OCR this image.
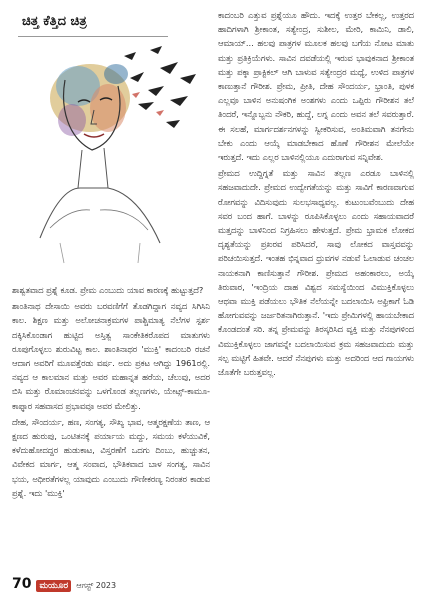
ಚಿತ್ತ ಕೆತ್ತಿದ ಚಿತ್ರ

ಶಾಶ್ವತವಾದ ಪ್ರಶ್ನೆ ಕೂಡ. ಪ್ರೇಮ ಎಂಬುದು ಯಾವ ಕಾರಣಕ್ಕೆ ಹುಟ್ಟುತ್ತದೆ?

ಶಾಂತಿನಾಥ ದೇಸಾಯಿ ಅವರು ಬರವಣಿಗೆಗೆ ತೊಡಗಿದ್ದಾಗ ನವ್ಯದ ಸಿಗಿಸಿನಿ ಕಾಲ. ಶಿಕ್ಷಣ ಮತ್ತು ಅಲೋಚನಾಕ್ರಮಗಳ ಪಾಶ್ಚಿಮಾತ್ಯ ನೆಲೆಗಳ ಸ್ಪರ್ಶ ದಕ್ಕಿಸಿಕೊಂಡಾಗ ಹುಟ್ಟಿದ ಅಸ್ತಿತ್ವ ಸಾಂಕೇತಿಕರೊಪದ ಮಾತುಗಳು ರೂಪುಗೊಳ್ಳಲು ಶುರುವಿಟ್ಟ ಕಾಲ. ಶಾಂತಿನಾಥರ 'ಮುಕ್ತಿ' ಕಾದಂಬರಿ ರಚನೆ ಆದಾಗ ಅವರಿಗೆ ಮೂವತ್ತೆರಡು ವರ್ಷ. ಅದು ಪ್ರಕಟ ಆಗಿದ್ದು 1961ರಲ್ಲಿ. ನವ್ಯದ ಆ ಕಾಲಮಾನ ಮತ್ತು ಅವರ ಮಹಾನ್ನತ ಹರೆಯ, ಚೆಲುವು, ಅದರ ಬಿಸಿ ಮತ್ತು ರೊಮಾಂಚನವನ್ನು ಒಳಗೊಂಡ ತಲ್ಲಣಗಳು, ಯೇಟ್ಸ್-ಕಾಮೂ-ಕಾಫ್ಕಾರ ಸಹವಾಸದ ಪ್ರಭಾವವೂ ಅವರ ಮೇಲಿತ್ತು.

ದೇಹ, ಸೌಂದರ್ಯ, ಹಣ, ಸಂಗತ್ಯ, ಸೌಖ್ಯ ಭಾವ, ಆತ್ಮರಕ್ಷಣೆಯ ತಾಣ, ಆ ಕ್ಷಣದ ಹುರುಪು, ಒಂಟಿತನಕ್ಕೆ ಪರ್ಯಾಯ ಮದ್ದು, ಸಮಯ ಕಳೆಯುವಿಕೆ, ಕಳೆದುಹೋದದ್ದರ ಹುಡುಕಾಟ, ವಿಸ್ತರಣೆಗೆ ಒದಗು ದಿಂಬು, ಹುಚ್ಚುತನ, ವಿವೇಕದ ಮಾರ್ಗ, ಆತ್ಮ ಸಂವಾದ, ಭೌತಿಕವಾದ ಬಾಳ ಸಂಗತ್ಯ, ಸಾವಿನ ಭಯ, ಅಧೀರತೆಗಳಲ್ಲ ಯಾವುದು ಎಂಬುದು ಗೌಣೀಕರಣ್ಯ ನಿರಂತರ ಕಾಡುವ ಪ್ರಶ್ನೆ. ಇದು 'ಮುಕ್ತಿ'

ಕಾದಂಬರಿ ಎತ್ತುವ ಪ್ರಶ್ನೆಯೂ ಹೌದು. ಇದಕ್ಕೆ ಉತ್ತರ ಬೇಕಲ್ಲ, ಉತ್ತರದ ಹಾದಿಗಳಾಗಿ ಶ್ರೀಕಾಂತ, ಸತ್ಯೇಂದ್ರ, ಸುಶೀಲ, ಮೇರಿ, ಕಾಮಿನಿ, ಡಾಲಿ, ಆಮಾಯ್... ಹಲವು ಪಾತ್ರಗಳ ಮೂಲಕ ಹಲವು ಬಗೆಯ ನೋಟ ಮಾತು ಮತ್ತು ಪ್ರತಿಕ್ರಿಯೆಗಳು. ಸಾವಿನ ದವಡೆಯಲ್ಲಿ ಇರುವ ಭಾವುಕನಾದ ಶ್ರೀಕಾಂತ ಮತ್ತು ಪಕ್ಕಾ ಪ್ರಾಕ್ಟಿಕಲ್ ಆಗಿ ಬಾಳುವ ಸತ್ಯೇಂದ್ರರ ಮಧ್ಯೆ, ಉಳಿದ ಪಾತ್ರಗಳ ಕಾಣುತ್ತಾನೆ ಗೌರೀಶ. ಪ್ರೇಮ, ಪ್ರೀತಿ, ದೇಹ ಸೌಂದರ್ಯ, ಭ್ರಾಂತಿ, ಪುಳಕ ಎಲ್ಲವೂ ಬಾಳಿನ ಅನುಷಂಗಿಕ ಅಂಶಗಳು ಎಂದು ಒಪ್ಪಿರು ಗೌರೀಶನ ತಲೆ ತಿಂದರೆ, ಇನ್ನೊಬ್ಬನು ನೌಕರಿ, ಹುದ್ದೆ, ಲಗ್ನ ಎಂದು ಅವನ ತಲೆ ಸವರುತ್ತಾರೆ. ಈ ಸಲಹೆ, ಮಾರ್ಗದರ್ಶನಗಳನ್ನು ಸ್ವೀಕರಿಸುವ, ಅಂತಿಮವಾಗಿ ತನಗೇನು ಬೇಕು ಎಂದು ಆಯ್ಕೆ ಮಾಡಬೇಕಾದ ಹೊಣೆ ಗೌರೀಶನ ಮೇಲೆಯೇ ಇರುತ್ತದೆ. ಇದು ಎಲ್ಲರ ಬಾಳಿನಲ್ಲಿಯೂ ಎದುರಾಗುವ ಸನ್ನಿವೇಶ.

ಪ್ರೇಮದ ಉದ್ದಿಗ್ನತೆ ಮತ್ತು ಸಾವಿನ ತಲ್ಲಣ ಎರಡೂ ಬಾಳಿನಲ್ಲಿ ಸಹಜವಾದುದೇ. ಪ್ರೇಮದ ಉದ್ವೇಗತೆಯನ್ನು ಮತ್ತು ಸಾವಿಗೆ ಕಾರಣವಾಗುವ ರೋಗವನ್ನು ವಿದಿಸುವುದು ಸುಲಭಸಾಧ್ಯವಲ್ಲ. ಕುಟುಂಬವೆಂಬುದು ದೇಹ ಸವರ ಬಂದ ಹಾಗೆ. ಬಾಳನ್ನು ರೂಪಿಸಿಕೊಳ್ಳಲು ಎಂದು ಸಹಾಯವಾದರೆ ಮತ್ತದನ್ನು ಬಾಳಿನಿಂದ ನಿಗ್ರಹಿಸಲು ಹೇಳುತ್ತದೆ. ಪ್ರೇಮ ಭ್ರಾಮಕ ಲೋಕದ ದೃಶ್ಯತೆಯನ್ನು ಪ್ರಖರವ ಪರಿಸಿದರೆ, ಸಾವು ಲೋಕದ ವಾಸ್ತವವನ್ನು ಪರಿಚಯಿಸುತ್ತದೆ. ಇಂತಹ ಭಿನ್ನವಾದ ಧ್ರುವಗಳ ನಡುವೆ ಓಲಾಡುವ ಚಂಚಲ ನಾಯಕನಾಗಿ ಕಾಣಿಸುತ್ತಾನೆ ಗೌರೀಶ. ಪ್ರೇಮದ ಅಹಂಕಾರಲು, ಅಯ್ಕೆ ತಿರುವಾರ, 'ಇಂದ್ರಿಯ ದಾಹ ವಿಶ್ವದ ಸಮಸ್ಯೆಯಿಂದ ವಿಮುಕ್ತಿಕೊಳ್ಳಲು ಆಥವಾ ಮುಕ್ತಿ ಪಡೆಯಲು ಭೌತಿಕ ನೆಲೆಯನ್ನೇ ಬದಲಾಯಿಸಿ ಅಫ್ರಿಕಾಗೆ ಓಡಿ ಹೋಗುವವನ್ನು ಜರ್ಜರಿತನಾಗಿರುತ್ತಾನೆ. 'ಇದು ಪ್ರೇಮಿಗಳಲ್ಲಿ ಹಾಯಬೇಕಾದ ಕೊಂಡದಂತೆ ಸರಿ. ತನ್ನ ಪ್ರೇಮವನ್ನು ತಿರಸ್ಕರಿಸಿದ ವ್ಯಕ್ತಿ ಮತ್ತು ನೆನಪುಗಳಿಂದ ವಿಮುಕ್ತಿಕೊಳ್ಳಲು ಜಾಗವನ್ನೇ ಬದಲಾಯಿಸುವ ಕ್ರಮ ಸಹಜವಾದುದು ಮತ್ತು ಸಲ್ಪ ಮಟ್ಟಿಗೆ ಹಿತವೇ. ಆದರೆ ನೆನಪುಗಳು ಮತ್ತು ಅದರಿಂದ ಆದ ಗಾಯಗಳು ಜೊತೆಗೇ ಬರುತ್ತವಲ್ಲ.

70 ಮಯೂರ	ಆಗಸ್ಟ್ 2023
